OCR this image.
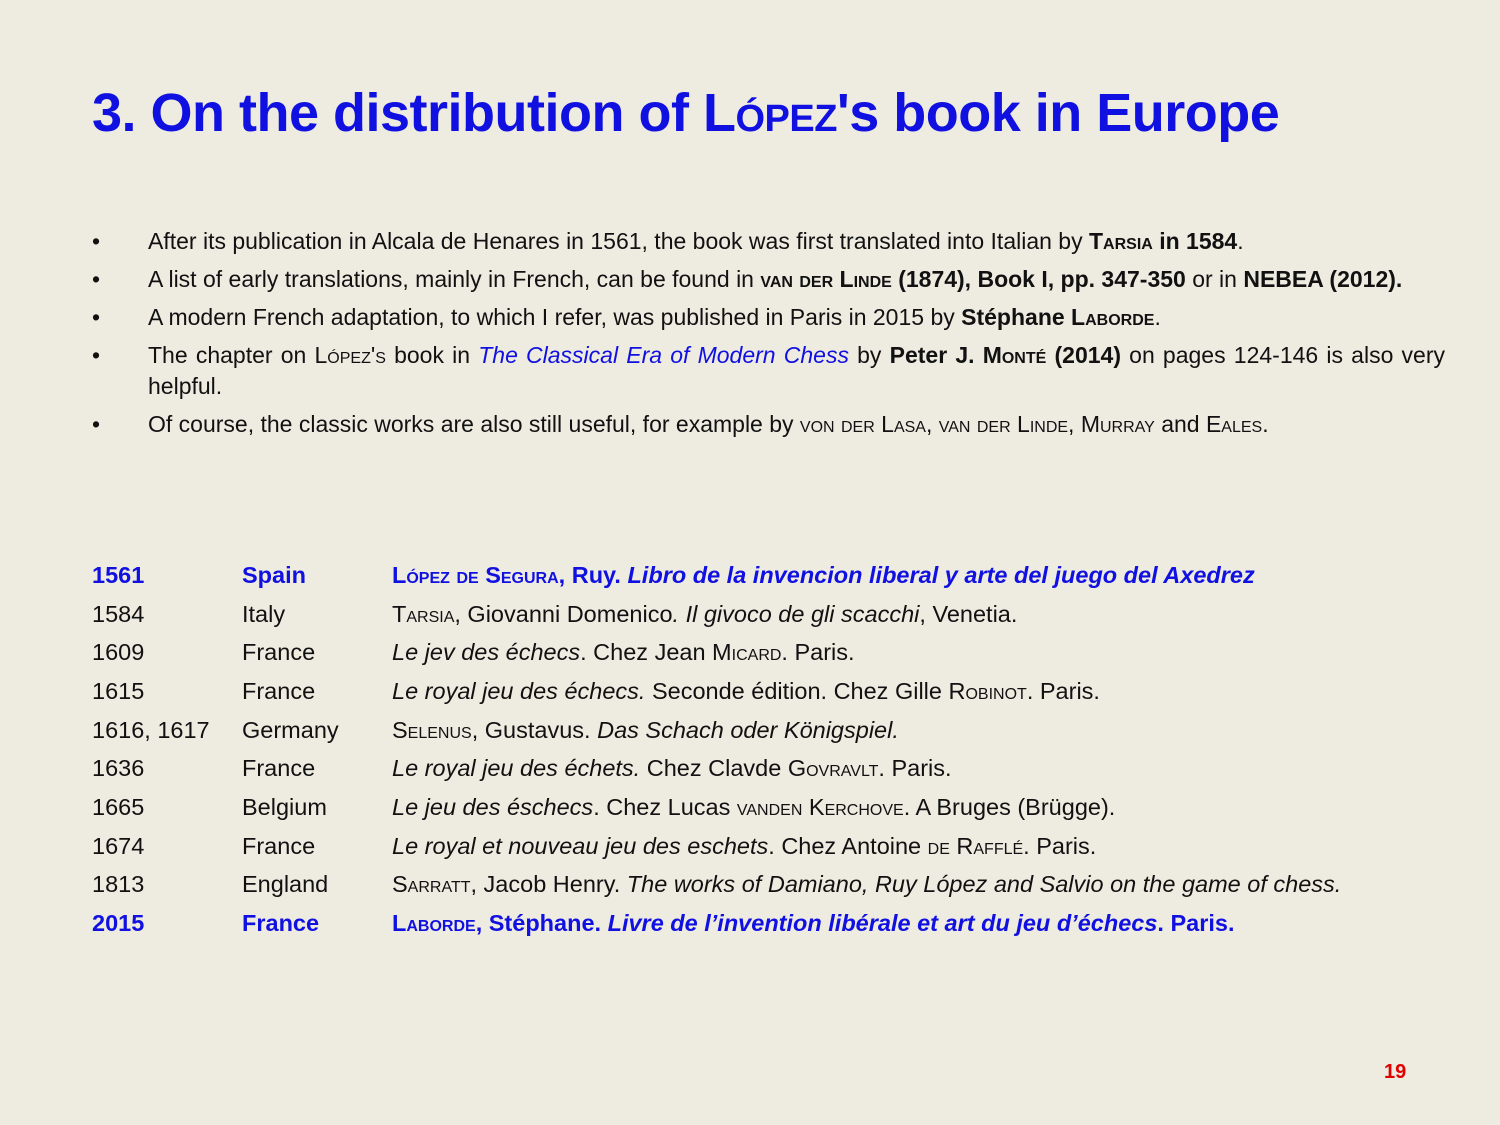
3. On the distribution of López's book in Europe
• After its publication in Alcala de Henares in 1561, the book was first translated into Italian by Tarsia in 1584.
• A list of early translations, mainly in French, can be found in van der Linde (1874), Book I, pp. 347-350 or in NEBEA (2012).
• A modern French adaptation, to which I refer, was published in Paris in 2015 by Stéphane Laborde.
• The chapter on López's book in The Classical Era of Modern Chess by Peter J. Monté (2014) on pages 124-146 is also very helpful.
• Of course, the classic works are also still useful, for example by von der Lasa, van der Linde, Murray and Eales.
1561	Spain	López de Segura, Ruy. Libro de la invencion liberal y arte del juego del Axedrez
1584	Italy	Tarsia, Giovanni Domenico. Il givoco de gli scacchi, Venetia.
1609	France	Le jev des échecs. Chez Jean Micard. Paris.
1615	France	Le royal jeu des échecs. Seconde édition. Chez Gille Robinot. Paris.
1616, 1617	Germany	Selenus, Gustavus. Das Schach oder Königspiel.
1636	France	Le royal jeu des échets. Chez Clavde Govravlt. Paris.
1665	Belgium	Le jeu des éschecs. Chez Lucas vanden Kerchove. A Bruges (Brügge).
1674	France	Le royal et nouveau jeu des eschets. Chez Antoine de Rafflé. Paris.
1813	England	Sarratt, Jacob Henry. The works of Damiano, Ruy López and Salvio on the game of chess.
2015	France	Laborde, Stéphane. Livre de l’invention libérale et art du jeu d’échecs. Paris.
19
